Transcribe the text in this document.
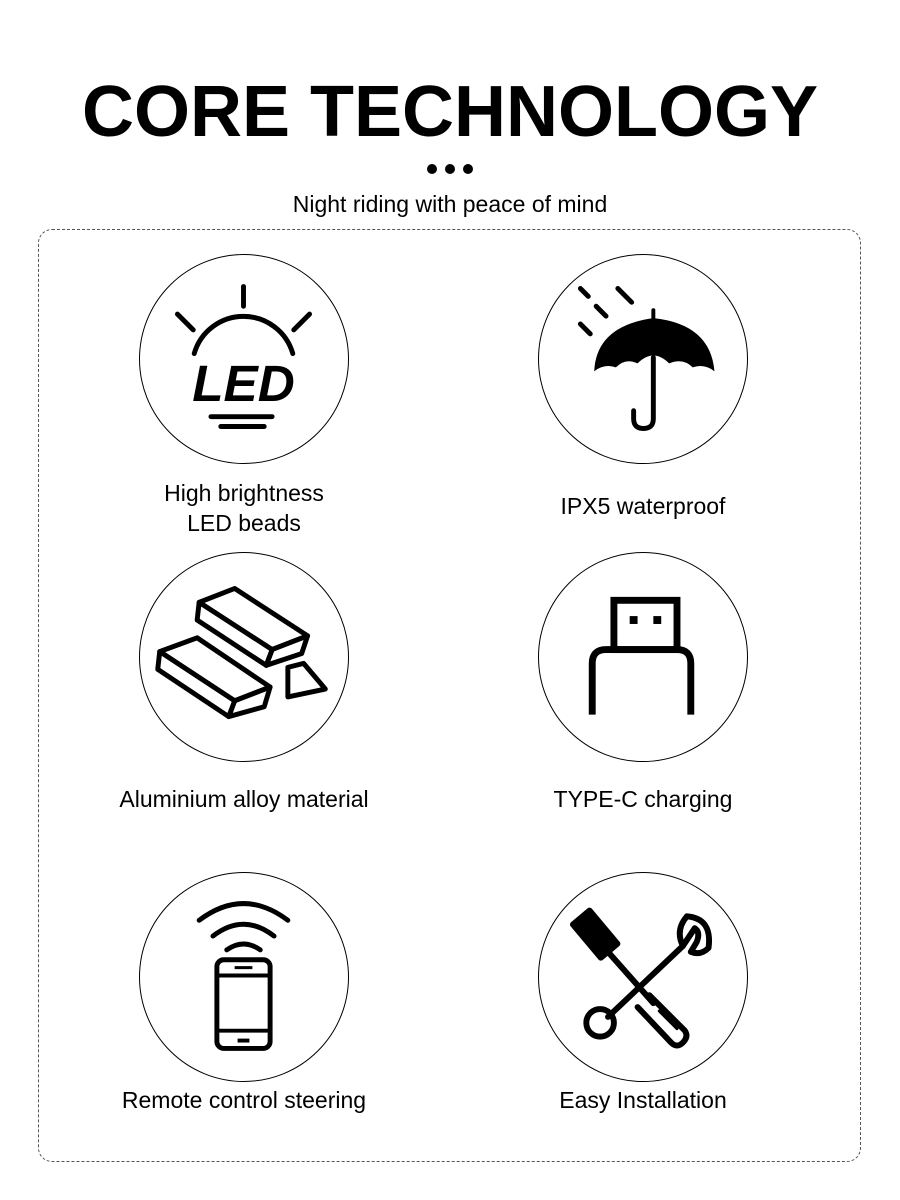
CORE TECHNOLOGY
Night riding with peace of mind
LED
High brightness
LED beads
IPX5 waterproof
Aluminium alloy material	TYPE-C charging
Remote control steering	Easy Installation
